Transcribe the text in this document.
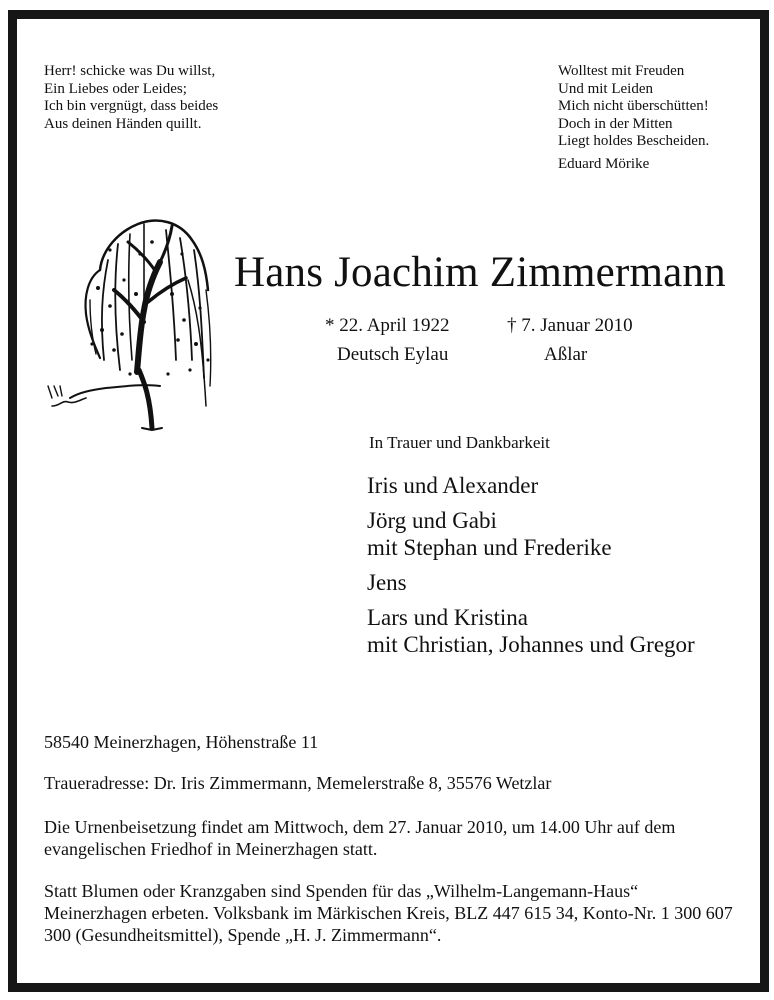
Herr! schicke was Du willst,
Ein Liebes oder Leides;
Ich bin vergnügt, dass beides
Aus deinen Händen quillt.
Wolltest mit Freuden
Und mit Leiden
Mich nicht überschütten!
Doch in der Mitten
Liegt holdes Bescheiden.
Eduard Mörike
Hans Joachim Zimmermann
* 22. April 1922	† 7. Januar 2010
Deutsch Eylau	Aßlar
In Trauer und Dankbarkeit
Iris und Alexander
Jörg und Gabi
mit Stephan und Frederike
Jens
Lars und Kristina
mit Christian, Johannes und Gregor
58540 Meinerzhagen, Höhenstraße 11
Traueradresse: Dr. Iris Zimmermann, Memelerstraße 8, 35576 Wetzlar
Die Urnenbeisetzung findet am Mittwoch, dem 27. Januar 2010, um 14.00 Uhr auf dem evangelischen Friedhof in Meinerzhagen statt.
Statt Blumen oder Kranzgaben sind Spenden für das „Wilhelm-Langemann-Haus“ Meinerzhagen erbeten. Volksbank im Märkischen Kreis, BLZ 447 615 34, Konto-Nr. 1 300 607 300 (Gesundheitsmittel), Spende „H. J. Zimmermann“.
